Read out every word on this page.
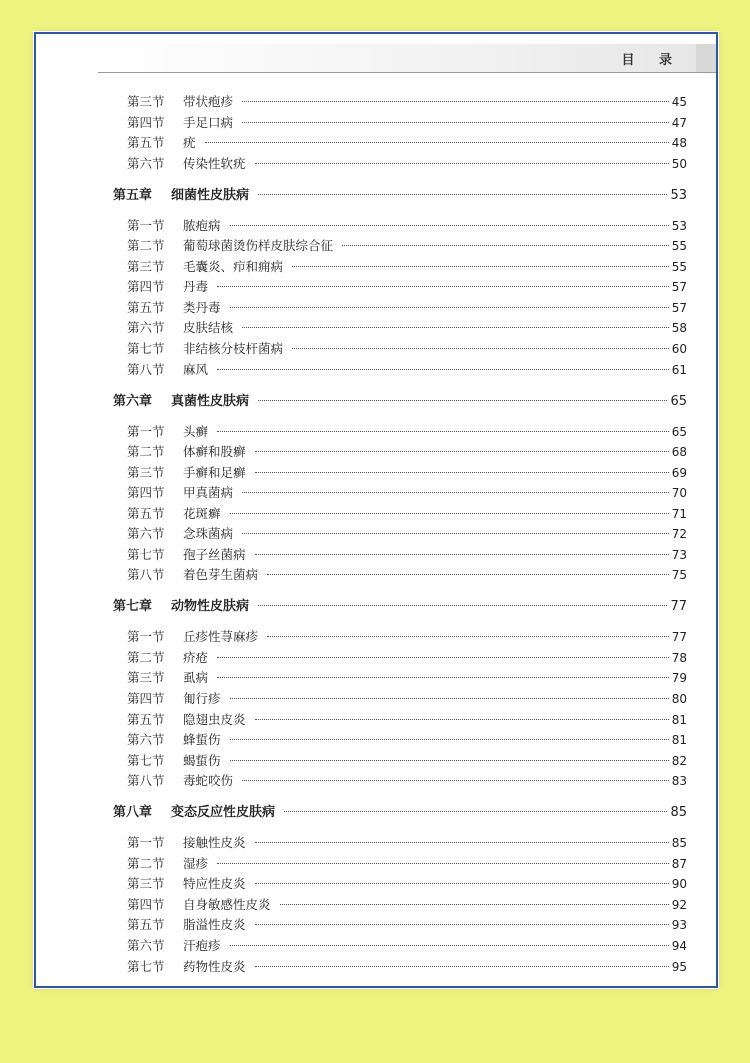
目 录
第三节	带状疱疹	45
第四节	手足口病	47
第五节	疣	48
第六节	传染性软疣	50
第五章	细菌性皮肤病	53
第一节	脓疱病	53
第二节	葡萄球菌烫伤样皮肤综合征	55
第三节	毛囊炎、疖和痈病	55
第四节	丹毒	57
第五节	类丹毒	57
第六节	皮肤结核	58
第七节	非结核分枝杆菌病	60
第八节	麻风	61
第六章	真菌性皮肤病	65
第一节	头癣	65
第二节	体癣和股癣	68
第三节	手癣和足癣	69
第四节	甲真菌病	70
第五节	花斑癣	71
第六节	念珠菌病	72
第七节	孢子丝菌病	73
第八节	着色芽生菌病	75
第七章	动物性皮肤病	77
第一节	丘疹性荨麻疹	77
第二节	疥疮	78
第三节	虱病	79
第四节	匍行疹	80
第五节	隐翅虫皮炎	81
第六节	蜂蜇伤	81
第七节	蝎蜇伤	82
第八节	毒蛇咬伤	83
第八章	变态反应性皮肤病	85
第一节	接触性皮炎	85
第二节	湿疹	87
第三节	特应性皮炎	90
第四节	自身敏感性皮炎	92
第五节	脂溢性皮炎	93
第六节	汗疱疹	94
第七节	药物性皮炎	95
